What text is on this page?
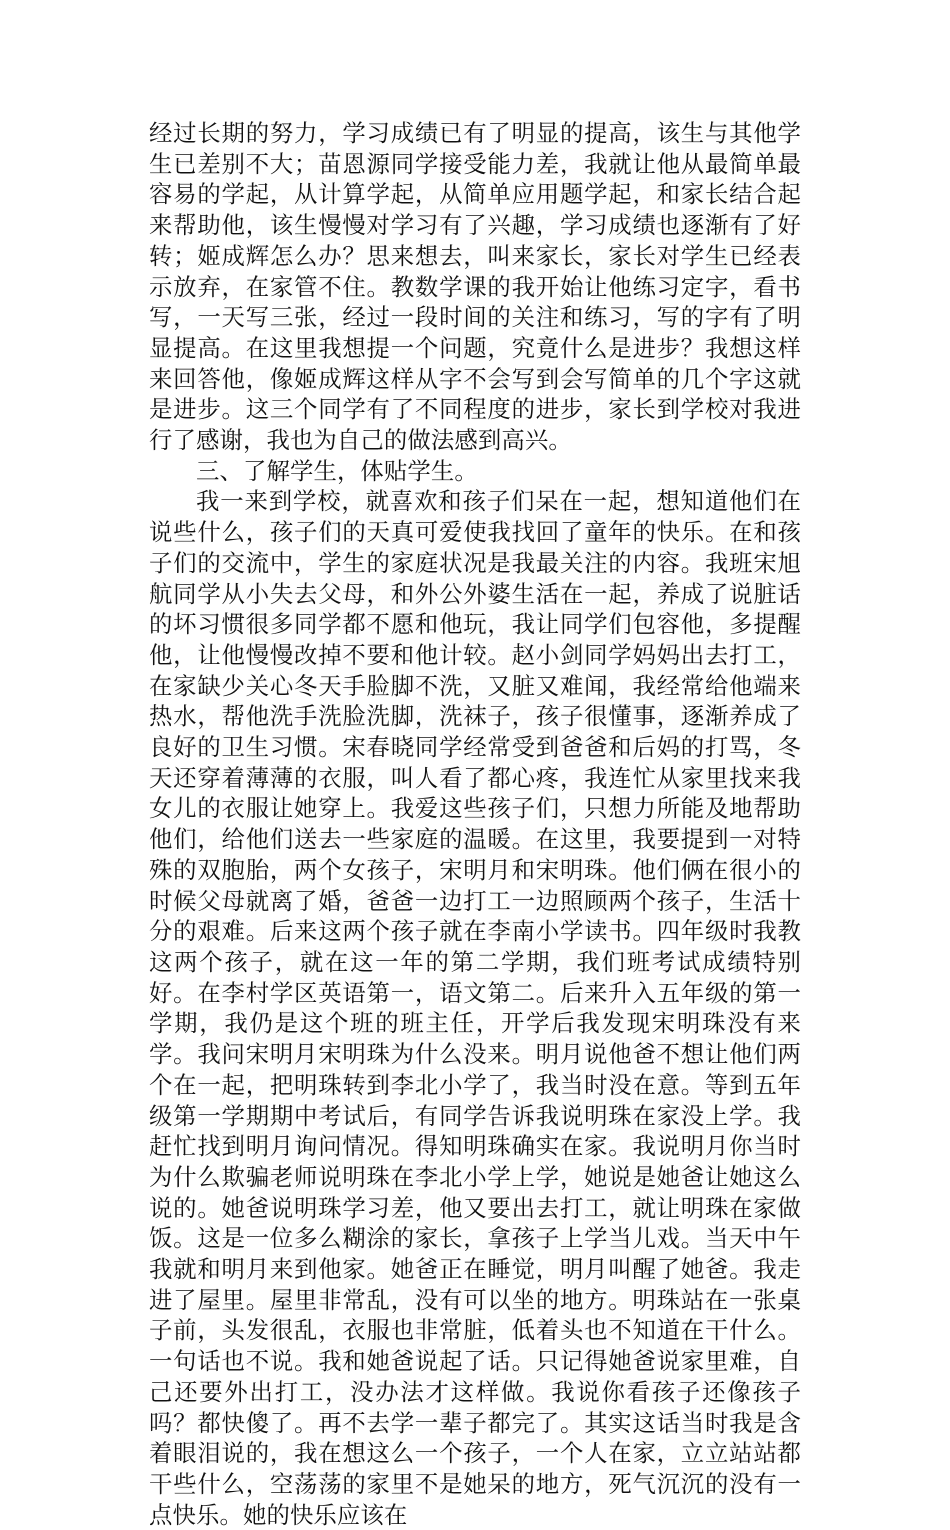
经过长期的努力，学习成绩已有了明显的提高，该生与其他学生已差别不大；苗恩源同学接受能力差，我就让他从最简单最容易的学起，从计算学起，从简单应用题学起，和家长结合起来帮助他，该生慢慢对学习有了兴趣，学习成绩也逐渐有了好转；姬成辉怎么办？思来想去，叫来家长，家长对学生已经表示放弃，在家管不住。教数学课的我开始让他练习定字，看书写，一天写三张，经过一段时间的关注和练习，写的字有了明显提高。在这里我想提一个问题，究竟什么是进步？我想这样来回答他，像姬成辉这样从字不会写到会写简单的几个字这就是进步。这三个同学有了不同程度的进步，家长到学校对我进行了感谢，我也为自己的做法感到高兴。

三、了解学生，体贴学生。

我一来到学校，就喜欢和孩子们呆在一起，想知道他们在说些什么，孩子们的天真可爱使我找回了童年的快乐。在和孩子们的交流中，学生的家庭状况是我最关注的内容。我班宋旭航同学从小失去父母，和外公外婆生活在一起，养成了说脏话的坏习惯很多同学都不愿和他玩，我让同学们包容他，多提醒他，让他慢慢改掉不要和他计较。赵小剑同学妈妈出去打工，在家缺少关心冬天手脸脚不洗，又脏又难闻，我经常给他端来热水，帮他洗手洗脸洗脚，洗袜子，孩子很懂事，逐渐养成了良好的卫生习惯。宋春晓同学经常受到爸爸和后妈的打骂，冬天还穿着薄薄的衣服，叫人看了都心疼，我连忙从家里找来我女儿的衣服让她穿上。我爱这些孩子们，只想力所能及地帮助他们，给他们送去一些家庭的温暖。在这里，我要提到一对特殊的双胞胎，两个女孩子，宋明月和宋明珠。他们俩在很小的时候父母就离了婚，爸爸一边打工一边照顾两个孩子，生活十分的艰难。后来这两个孩子就在李南小学读书。四年级时我教这两个孩子，就在这一年的第二学期，我们班考试成绩特别好。在李村学区英语第一，语文第二。后来升入五年级的第一学期，我仍是这个班的班主任，开学后我发现宋明珠没有来学。我问宋明月宋明珠为什么没来。明月说他爸不想让他们两个在一起，把明珠转到李北小学了，我当时没在意。等到五年级第一学期期中考试后，有同学告诉我说明珠在家没上学。我赶忙找到明月询问情况。得知明珠确实在家。我说明月你当时为什么欺骗老师说明珠在李北小学上学，她说是她爸让她这么说的。她爸说明珠学习差，他又要出去打工，就让明珠在家做饭。这是一位多么糊涂的家长，拿孩子上学当儿戏。当天中午我就和明月来到他家。她爸正在睡觉，明月叫醒了她爸。我走进了屋里。屋里非常乱，没有可以坐的地方。明珠站在一张桌子前，头发很乱，衣服也非常脏，低着头也不知道在干什么。一句话也不说。我和她爸说起了话。只记得她爸说家里难，自己还要外出打工，没办法才这样做。我说你看孩子还像孩子吗？都快傻了。再不去学一辈子都完了。其实这话当时我是含着眼泪说的，我在想这么一个孩子，一个人在家，立立站站都干些什么，空荡荡的家里不是她呆的地方，死气沉沉的没有一点快乐。她的快乐应该在
